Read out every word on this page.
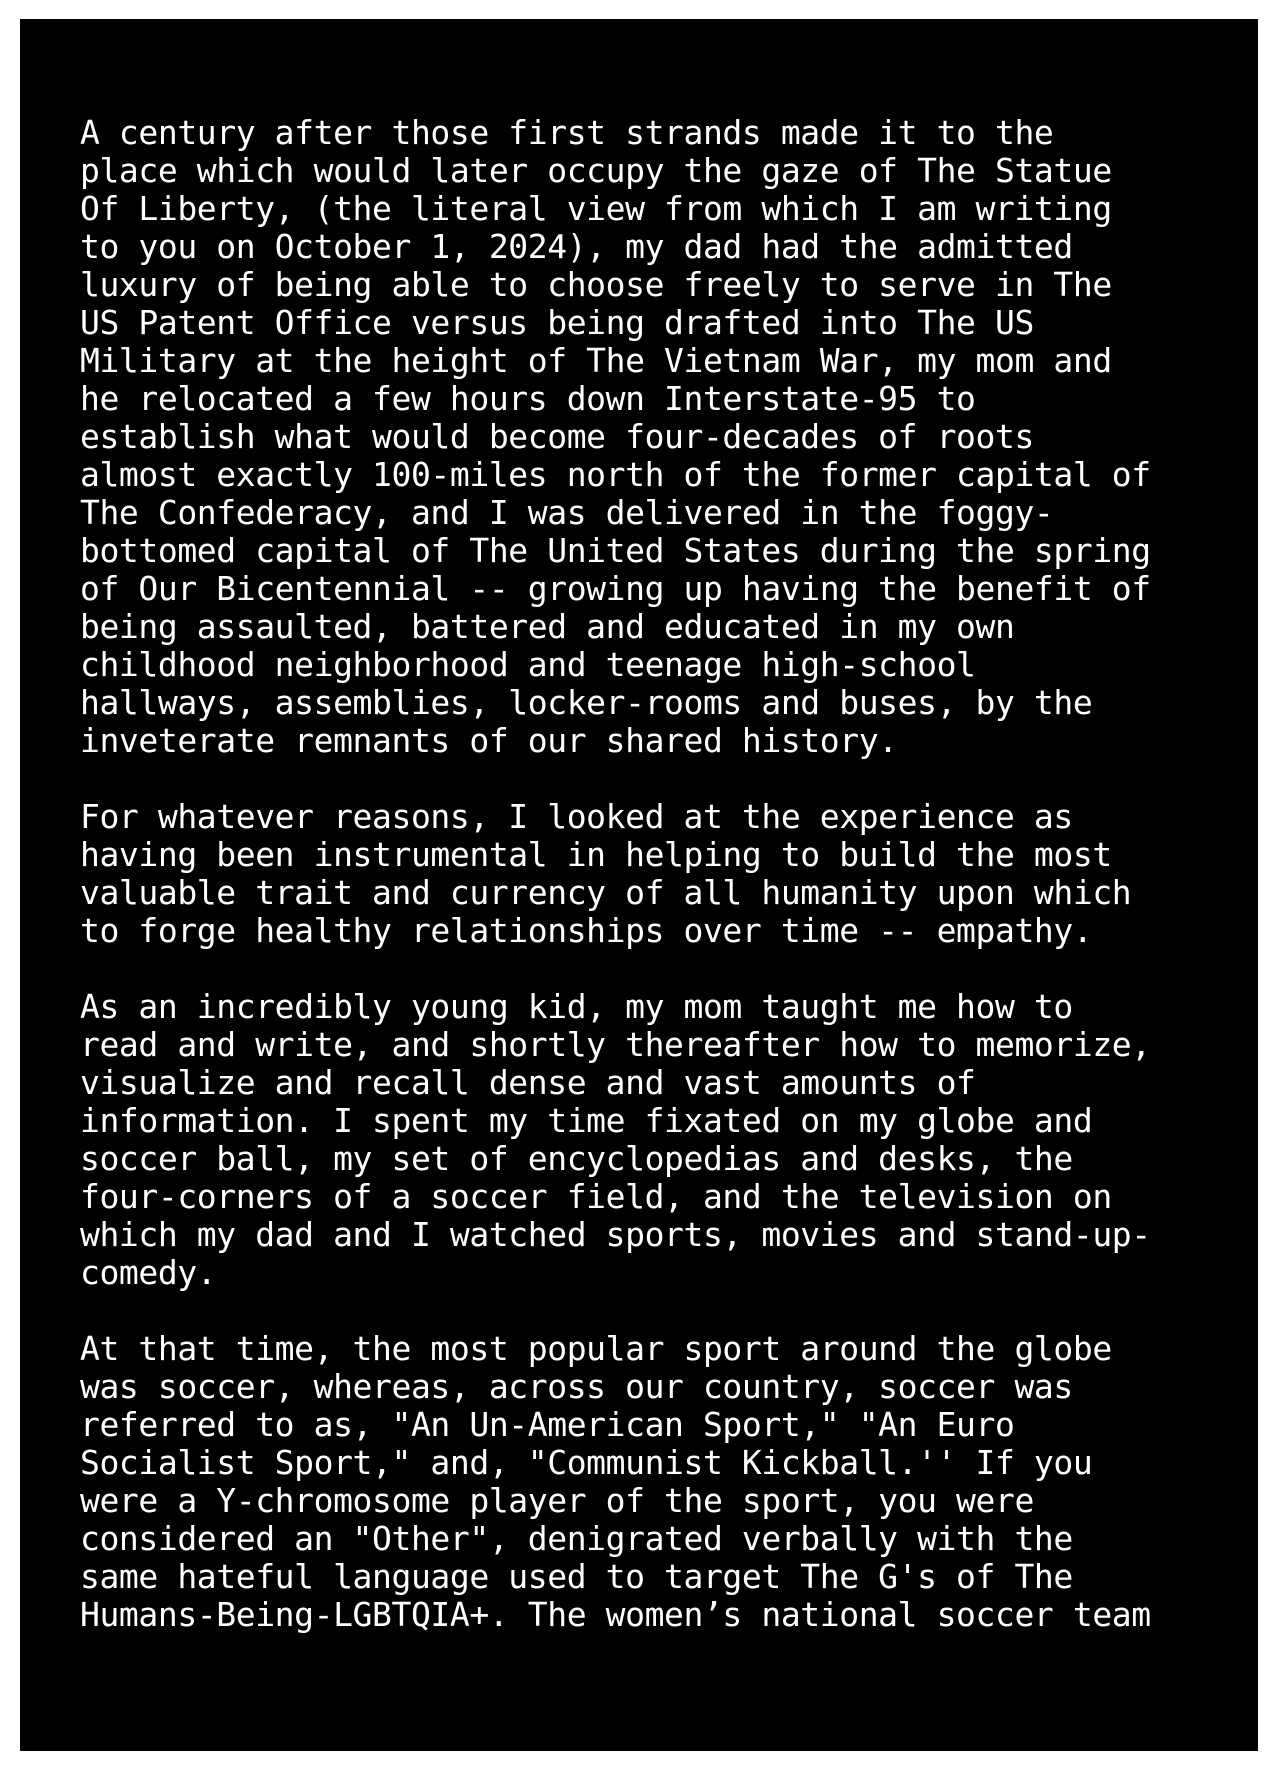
A century after those first strands made it to the
place which would later occupy the gaze of The Statue
Of Liberty, (the literal view from which I am writing
to you on October 1, 2024), my dad had the admitted
luxury of being able to choose freely to serve in The
US Patent Office versus being drafted into The US
Military at the height of The Vietnam War, my mom and
he relocated a few hours down Interstate-95 to
establish what would become four-decades of roots
almost exactly 100-miles north of the former capital of
The Confederacy, and I was delivered in the foggy-
bottomed capital of The United States during the spring
of Our Bicentennial -- growing up having the benefit of
being assaulted, battered and educated in my own
childhood neighborhood and teenage high-school
hallways, assemblies, locker-rooms and buses, by the
inveterate remnants of our shared history.

For whatever reasons, I looked at the experience as
having been instrumental in helping to build the most
valuable trait and currency of all humanity upon which
to forge healthy relationships over time -- empathy.

As an incredibly young kid, my mom taught me how to
read and write, and shortly thereafter how to memorize,
visualize and recall dense and vast amounts of
information. I spent my time fixated on my globe and
soccer ball, my set of encyclopedias and desks, the
four-corners of a soccer field, and the television on
which my dad and I watched sports, movies and stand-up-
comedy.

At that time, the most popular sport around the globe
was soccer, whereas, across our country, soccer was
referred to as, "An Un-American Sport," "An Euro
Socialist Sport," and, "Communist Kickball.'' If you
were a Y-chromosome player of the sport, you were
considered an "Other", denigrated verbally with the
same hateful language used to target The G's of The
Humans-Being-LGBTQIA+. The women’s national soccer team
